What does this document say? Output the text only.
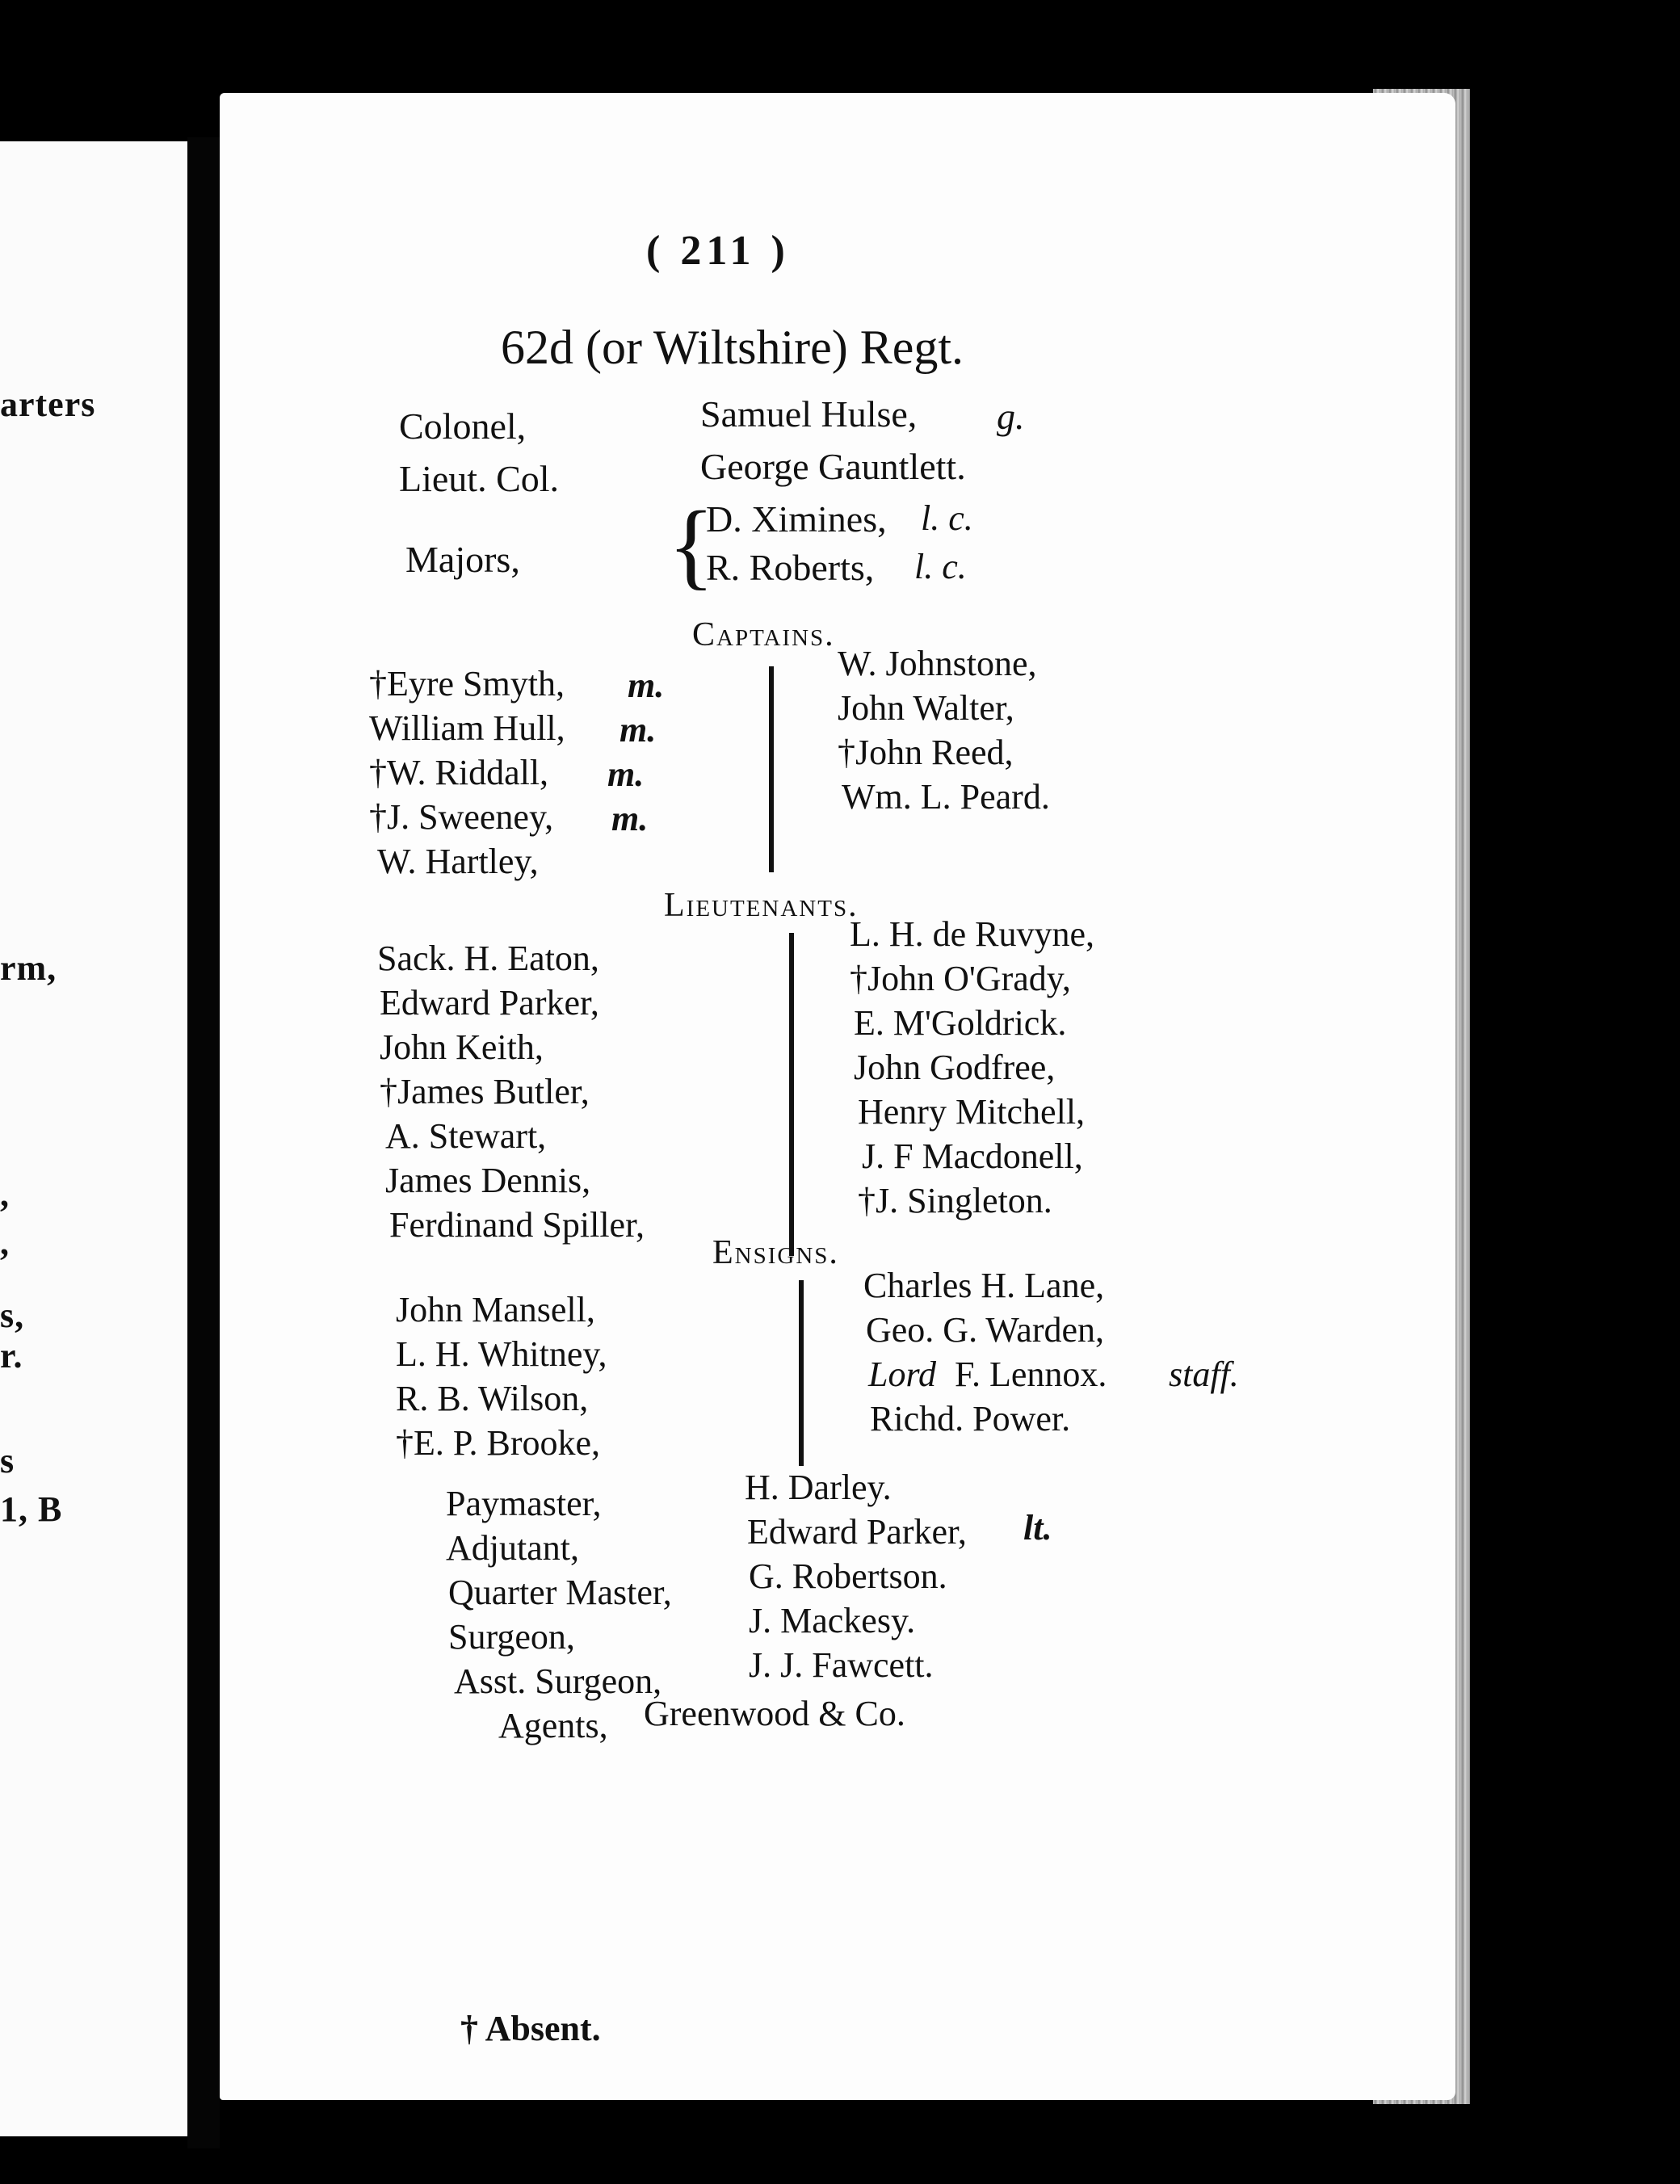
arters
rm,
,
,
s,
r.
s
1, B
( 211 )
62d (or Wiltshire) Regt.
Colonel,	Samuel Hulse, g.
Lieut. Col.	George Gauntlett.
Majors, {
D. Ximines, l. c.
R. Roberts, l. c.
Captains.
†Eyre Smyth, m.
William Hull, m.
†W. Riddall, m.
†J. Sweeney, m.
W. Hartley,
W. Johnstone,
John Walter,
†John Reed,
Wm. L. Peard.
Lieutenants.
Sack. H. Eaton,
Edward Parker,
John Keith,
†James Butler,
A. Stewart,
James Dennis,
Ferdinand Spiller,
L. H. de Ruvyne,
†John O'Grady,
E. M'Goldrick.
John Godfree,
Henry Mitchell,
J. F Macdonell,
†J. Singleton.
Ensigns.
John Mansell,
L. H. Whitney,
R. B. Wilson,
†E. P. Brooke,
Charles H. Lane,
Geo. G. Warden,
Lord F. Lennox. staff.
Richd. Power.
Paymaster,	H. Darley.
Adjutant,	Edward Parker, lt.
Quarter Master, G. Robertson.
Surgeon,	J. Mackesy.
Asst. Surgeon, J. J. Fawcett.
Agents, Greenwood & Co.
† Absent.
